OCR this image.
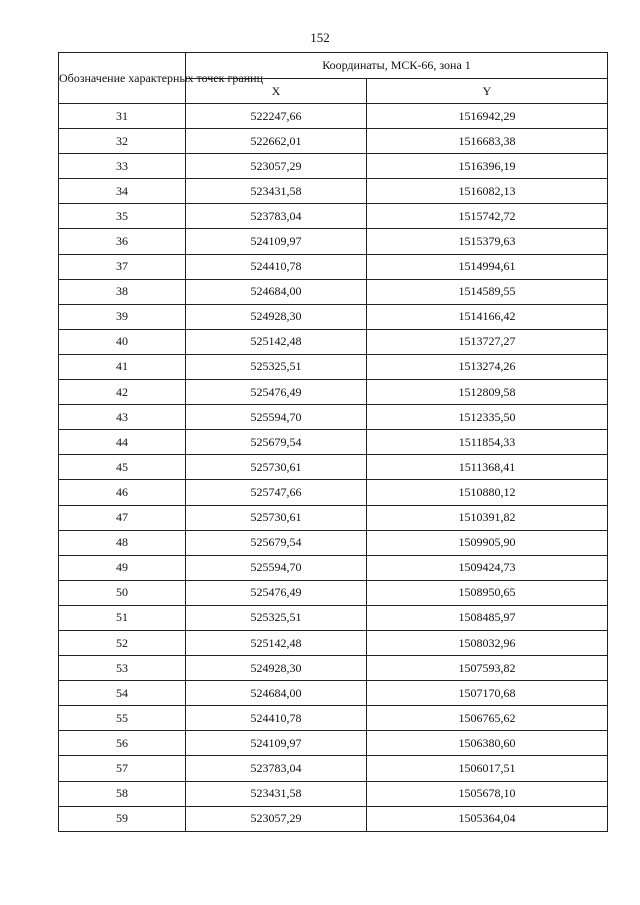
152
Обозначение характерных точек границ	Координаты, МСК-66, зона 1	
	X	Y
31	522247,66	1516942,29
32	522662,01	1516683,38
33	523057,29	1516396,19
34	523431,58	1516082,13
35	523783,04	1515742,72
36	524109,97	1515379,63
37	524410,78	1514994,61
38	524684,00	1514589,55
39	524928,30	1514166,42
40	525142,48	1513727,27
41	525325,51	1513274,26
42	525476,49	1512809,58
43	525594,70	1512335,50
44	525679,54	1511854,33
45	525730,61	1511368,41
46	525747,66	1510880,12
47	525730,61	1510391,82
48	525679,54	1509905,90
49	525594,70	1509424,73
50	525476,49	1508950,65
51	525325,51	1508485,97
52	525142,48	1508032,96
53	524928,30	1507593,82
54	524684,00	1507170,68
55	524410,78	1506765,62
56	524109,97	1506380,60
57	523783,04	1506017,51
58	523431,58	1505678,10
59	523057,29	1505364,04
